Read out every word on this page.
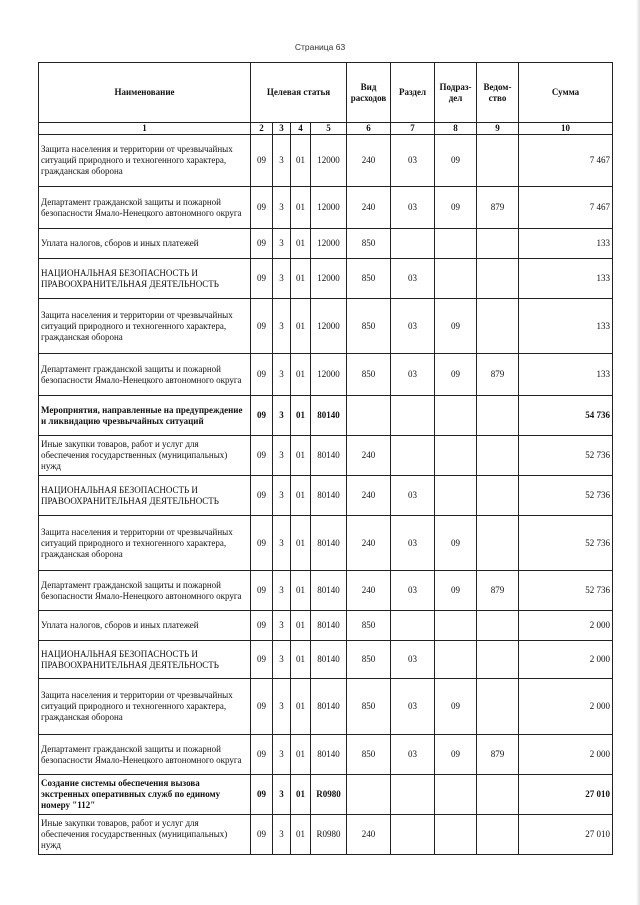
Страница 63
Наименование	Целевая статья				Вид расходов	Раздел	Подраз-дел	Ведом-ство	Сумма
1	2	3	4	5	6	7	8	9	10
Защита населения и территории от чрезвычайных ситуаций природного и техногенного характера, гражданская оборона	09	3	01	12000	240	03	09		7 467
Департамент гражданской защиты и пожарной безопасности Ямало-Ненецкого автономного округа	09	3	01	12000	240	03	09	879	7 467
Уплата налогов, сборов и иных платежей	09	3	01	12000	850				133
НАЦИОНАЛЬНАЯ БЕЗОПАСНОСТЬ И ПРАВООХРАНИТЕЛЬНАЯ ДЕЯТЕЛЬНОСТЬ	09	3	01	12000	850	03			133
Защита населения и территории от чрезвычайных ситуаций природного и техногенного характера, гражданская оборона	09	3	01	12000	850	03	09		133
Департамент гражданской защиты и пожарной безопасности Ямало-Ненецкого автономного округа	09	3	01	12000	850	03	09	879	133
Мероприятия, направленные на предупреждение и ликвидацию чрезвычайных ситуаций	09	3	01	80140					54 736
Иные закупки товаров, работ и услуг для обеспечения государственных (муниципальных) нужд	09	3	01	80140	240				52 736
НАЦИОНАЛЬНАЯ БЕЗОПАСНОСТЬ И ПРАВООХРАНИТЕЛЬНАЯ ДЕЯТЕЛЬНОСТЬ	09	3	01	80140	240	03			52 736
Защита населения и территории от чрезвычайных ситуаций природного и техногенного характера, гражданская оборона	09	3	01	80140	240	03	09		52 736
Департамент гражданской защиты и пожарной безопасности Ямало-Ненецкого автономного округа	09	3	01	80140	240	03	09	879	52 736
Уплата налогов, сборов и иных платежей	09	3	01	80140	850				2 000
НАЦИОНАЛЬНАЯ БЕЗОПАСНОСТЬ И ПРАВООХРАНИТЕЛЬНАЯ ДЕЯТЕЛЬНОСТЬ	09	3	01	80140	850	03			2 000
Защита населения и территории от чрезвычайных ситуаций природного и техногенного характера, гражданская оборона	09	3	01	80140	850	03	09		2 000
Департамент гражданской защиты и пожарной безопасности Ямало-Ненецкого автономного округа	09	3	01	80140	850	03	09	879	2 000
Создание системы обеспечения вызова экстренных оперативных служб по единому номеру "112"	09	3	01	R0980					27 010
Иные закупки товаров, работ и услуг для обеспечения государственных (муниципальных) нужд	09	3	01	R0980	240				27 010
